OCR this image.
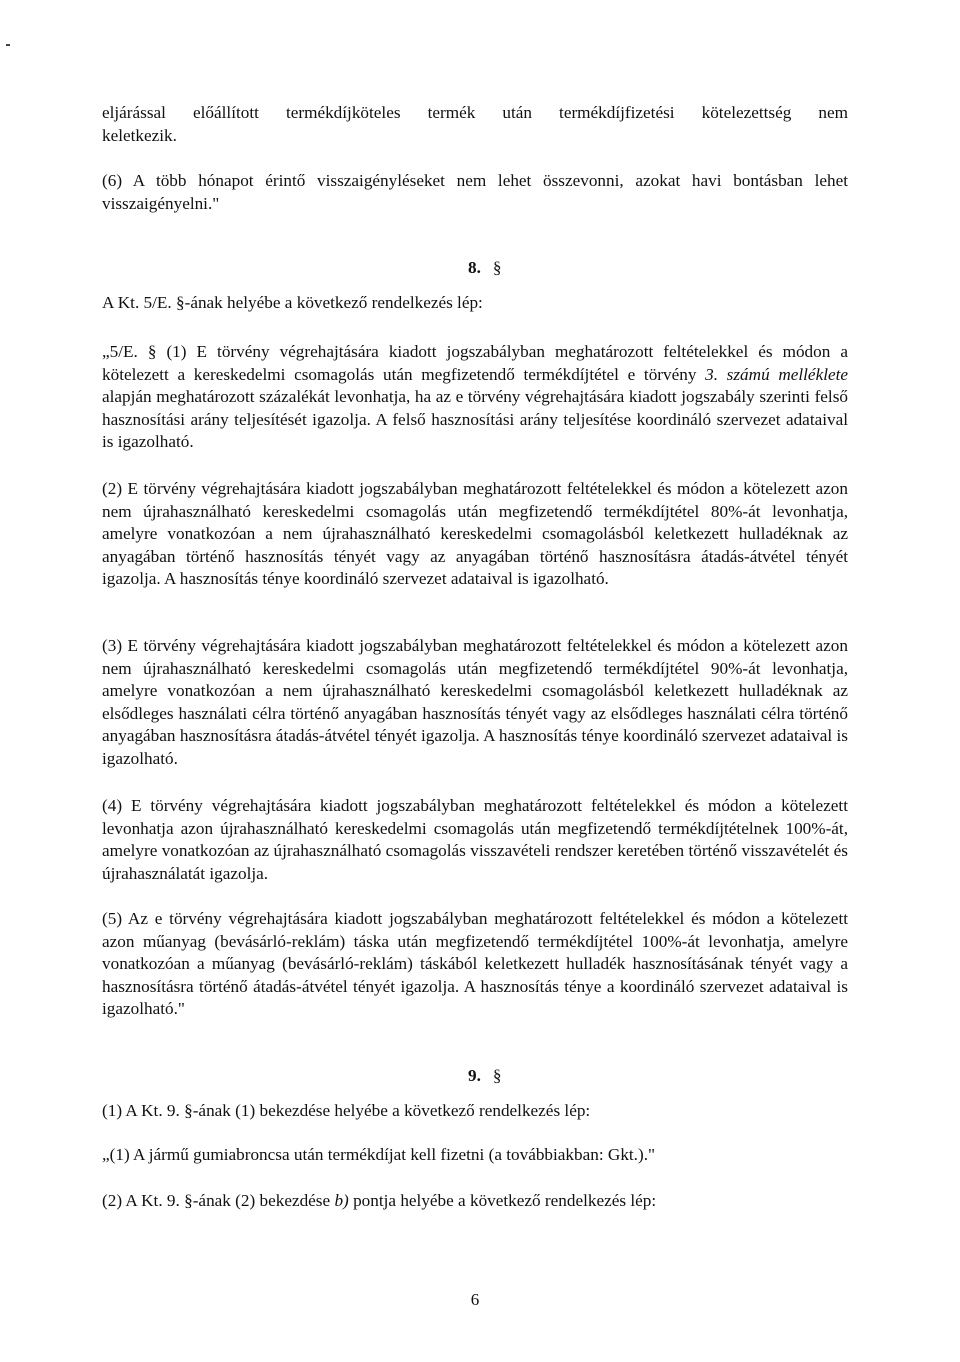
eljárással előállított termékdíjköteles termék után termékdíjfizetési kötelezettség nem
keletkezik.
(6) A több hónapot érintő visszaigényléseket nem lehet összevonni, azokat havi bontásban lehet visszaigényelni."
8. §
A Kt. 5/E. §-ának helyébe a következő rendelkezés lép:
„5/E. § (1) E törvény végrehajtására kiadott jogszabályban meghatározott feltételekkel és módon a kötelezett a kereskedelmi csomagolás után megfizetendő termékdíjtétel e törvény 3. számú melléklete alapján meghatározott százalékát levonhatja, ha az e törvény végrehajtására kiadott jogszabály szerinti felső hasznosítási arány teljesítését igazolja. A felső hasznosítási arány teljesítése koordináló szervezet adataival is igazolható.
(2) E törvény végrehajtására kiadott jogszabályban meghatározott feltételekkel és módon a kötelezett azon nem újrahasználható kereskedelmi csomagolás után megfizetendő termékdíjtétel 80%-át levonhatja, amelyre vonatkozóan a nem újrahasználható kereskedelmi csomagolásból keletkezett hulladéknak az anyagában történő hasznosítás tényét vagy az anyagában történő hasznosításra átadás-átvétel tényét igazolja. A hasznosítás ténye koordináló szervezet adataival is igazolható.
(3) E törvény végrehajtására kiadott jogszabályban meghatározott feltételekkel és módon a kötelezett azon nem újrahasználható kereskedelmi csomagolás után megfizetendő termékdíjtétel 90%-át levonhatja, amelyre vonatkozóan a nem újrahasználható kereskedelmi csomagolásból keletkezett hulladéknak az elsődleges használati célra történő anyagában hasznosítás tényét vagy az elsődleges használati célra történő anyagában hasznosításra átadás-átvétel tényét igazolja. A hasznosítás ténye koordináló szervezet adataival is igazolható.
(4) E törvény végrehajtására kiadott jogszabályban meghatározott feltételekkel és módon a kötelezett levonhatja azon újrahasználható kereskedelmi csomagolás után megfizetendő termékdíjtételnek 100%-át, amelyre vonatkozóan az újrahasználható csomagolás visszavételi rendszer keretében történő visszavételét és újrahasználatát igazolja.
(5) Az e törvény végrehajtására kiadott jogszabályban meghatározott feltételekkel és módon a kötelezett azon műanyag (bevásárló-reklám) táska után megfizetendő termékdíjtétel 100%-át levonhatja, amelyre vonatkozóan a műanyag (bevásárló-reklám) táskából keletkezett hulladék hasznosításának tényét vagy a hasznosításra történő átadás-átvétel tényét igazolja. A hasznosítás ténye a koordináló szervezet adataival is igazolható."
9. §
(1) A Kt. 9. §-ának (1) bekezdése helyébe a következő rendelkezés lép:
„(1) A jármű gumiabroncsa után termékdíjat kell fizetni (a továbbiakban: Gkt.)."
(2) A Kt. 9. §-ának (2) bekezdése b) pontja helyébe a következő rendelkezés lép:
6
